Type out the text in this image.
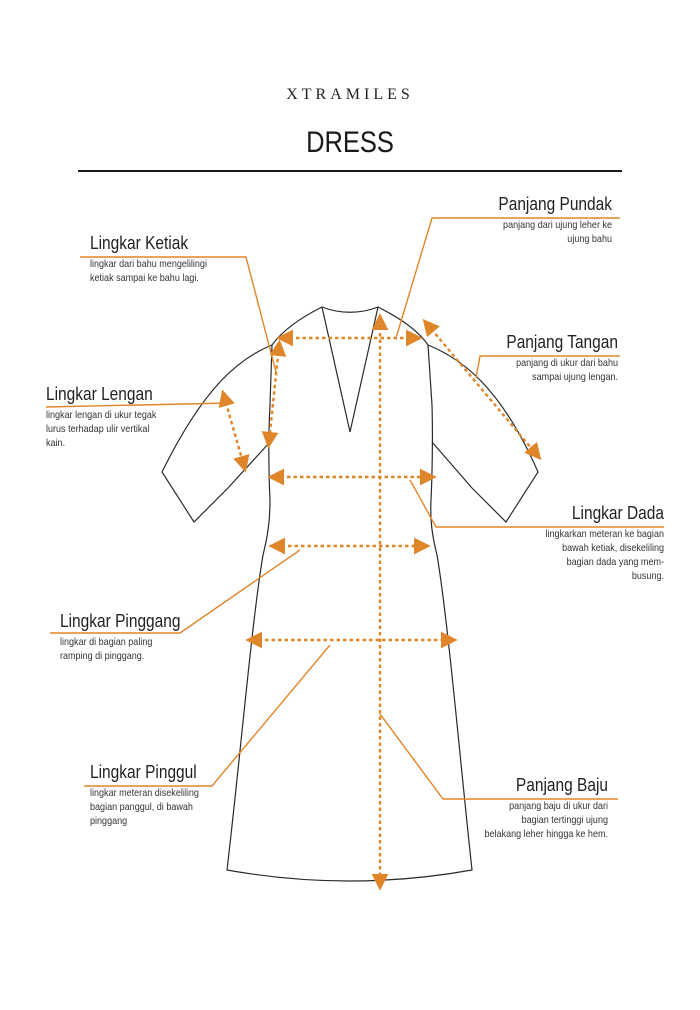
XTRAMILES
DRESS
Lingkar Ketiak

lingkar dari bahu mengelilingi
ketiak sampai ke bahu lagi.

Panjang Pundak

panjang dari ujung leher ke
ujung bahu

Panjang Tangan

panjang di ukur dari bahu
sampai ujung lengan.

Lingkar Lengan

lingkar lengan di ukur tegak
lurus terhadap ulir vertikal
kain.

Lingkar Dada

lingkarkan meteran ke bagian
bawah ketiak, disekeliling
bagian dada yang mem-
busung.

Lingkar Pinggang

lingkar di bagian paling
ramping di pinggang.

Lingkar Pinggul

lingkar meteran disekeliling
bagian panggul, di bawah
pinggang

Panjang Baju

panjang baju di ukur dari
bagian tertinggi ujung
belakang leher hingga ke hem.
